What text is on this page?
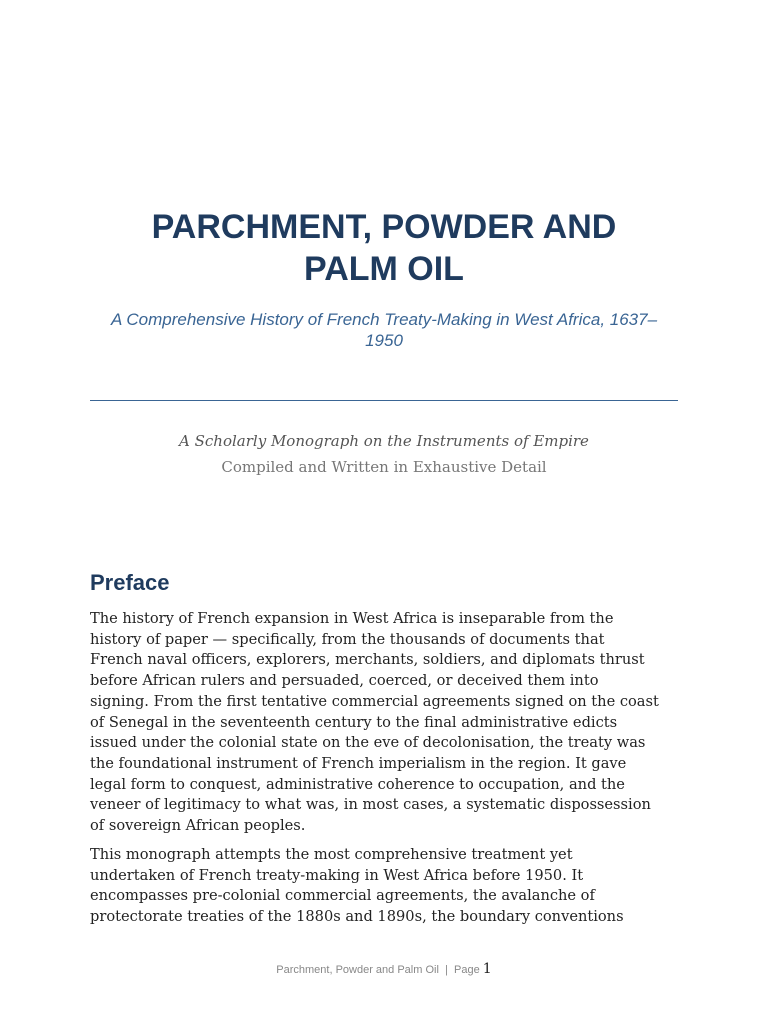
PARCHMENT, POWDER AND
PALM OIL

A Comprehensive History of French Treaty-Making in West Africa, 1637–
1950

A Scholarly Monograph on the Instruments of Empire

Compiled and Written in Exhaustive Detail

Preface

The history of French expansion in West Africa is inseparable from the
history of paper — specifically, from the thousands of documents that
French naval officers, explorers, merchants, soldiers, and diplomats thrust
before African rulers and persuaded, coerced, or deceived them into
signing. From the first tentative commercial agreements signed on the coast
of Senegal in the seventeenth century to the final administrative edicts
issued under the colonial state on the eve of decolonisation, the treaty was
the foundational instrument of French imperialism in the region. It gave
legal form to conquest, administrative coherence to occupation, and the
veneer of legitimacy to what was, in most cases, a systematic dispossession
of sovereign African peoples.

This monograph attempts the most comprehensive treatment yet
undertaken of French treaty-making in West Africa before 1950. It
encompasses pre-colonial commercial agreements, the avalanche of
protectorate treaties of the 1880s and 1890s, the boundary conventions

Parchment, Powder and Palm Oil | Page 1
